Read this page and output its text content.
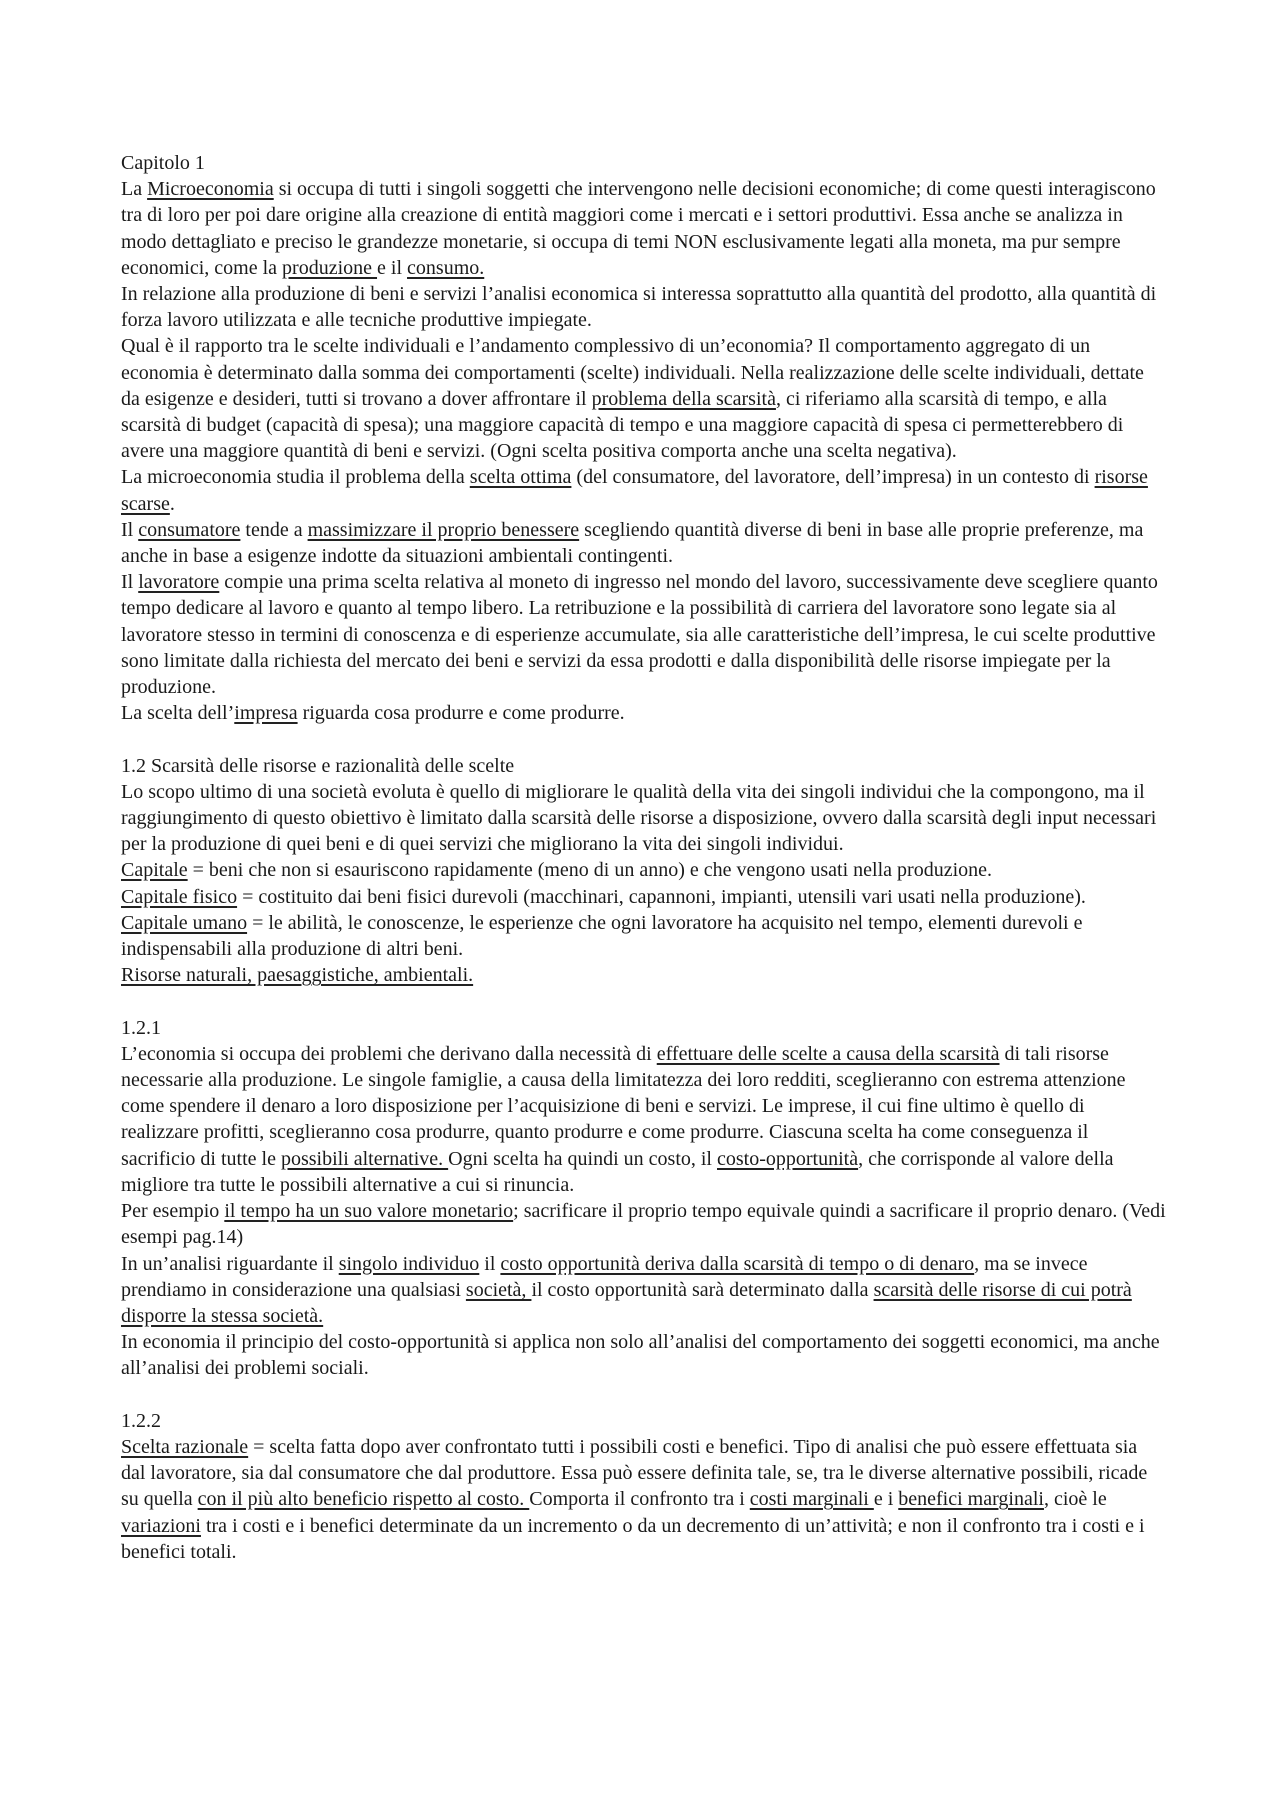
Capitolo 1

La Microeconomia si occupa di tutti i singoli soggetti che intervengono nelle decisioni economiche; di come questi interagiscono tra di loro per poi dare origine alla creazione di entità maggiori come i mercati e i settori produttivi. Essa anche se analizza in modo dettagliato e preciso le grandezze monetarie, si occupa di temi NON esclusivamente legati alla moneta, ma pur sempre economici, come la produzione e il consumo.

In relazione alla produzione di beni e servizi l’analisi economica si interessa soprattutto alla quantità del prodotto, alla quantità di forza lavoro utilizzata e alle tecniche produttive impiegate.

Qual è il rapporto tra le scelte individuali e l’andamento complessivo di un’economia? Il comportamento aggregato di un economia è determinato dalla somma dei comportamenti (scelte) individuali. Nella realizzazione delle scelte individuali, dettate da esigenze e desideri, tutti si trovano a dover affrontare il problema della scarsità, ci riferiamo alla scarsità di tempo, e alla scarsità di budget (capacità di spesa); una maggiore capacità di tempo e una maggiore capacità di spesa ci permetterebbero di avere una maggiore quantità di beni e servizi. (Ogni scelta positiva comporta anche una scelta negativa).

La microeconomia studia il problema della scelta ottima (del consumatore, del lavoratore, dell’impresa) in un contesto di risorse scarse.

Il consumatore tende a massimizzare il proprio benessere scegliendo quantità diverse di beni in base alle proprie preferenze, ma anche in base a esigenze indotte da situazioni ambientali contingenti.

Il lavoratore compie una prima scelta relativa al moneto di ingresso nel mondo del lavoro, successivamente deve scegliere quanto tempo dedicare al lavoro e quanto al tempo libero. La retribuzione e la possibilità di carriera del lavoratore sono legate sia al lavoratore stesso in termini di conoscenza e di esperienze accumulate, sia alle caratteristiche dell’impresa, le cui scelte produttive sono limitate dalla richiesta del mercato dei beni e servizi da essa prodotti e dalla disponibilità delle risorse impiegate per la produzione.

La scelta dell’impresa riguarda cosa produrre e come produrre.

1.2 Scarsità delle risorse e razionalità delle scelte

Lo scopo ultimo di una società evoluta è quello di migliorare le qualità della vita dei singoli individui che la compongono, ma il raggiungimento di questo obiettivo è limitato dalla scarsità delle risorse a disposizione, ovvero dalla scarsità degli input necessari per la produzione di quei beni e di quei servizi che migliorano la vita dei singoli individui.

Capitale = beni che non si esauriscono rapidamente (meno di un anno) e che vengono usati nella produzione.

Capitale fisico = costituito dai beni fisici durevoli (macchinari, capannoni, impianti, utensili vari usati nella produzione).

Capitale umano = le abilità, le conoscenze, le esperienze che ogni lavoratore ha acquisito nel tempo, elementi durevoli e indispensabili alla produzione di altri beni.

Risorse naturali, paesaggistiche, ambientali.

1.2.1

L’economia si occupa dei problemi che derivano dalla necessità di effettuare delle scelte a causa della scarsità di tali risorse necessarie alla produzione. Le singole famiglie, a causa della limitatezza dei loro redditi, sceglieranno con estrema attenzione come spendere il denaro a loro disposizione per l’acquisizione di beni e servizi. Le imprese, il cui fine ultimo è quello di realizzare profitti, sceglieranno cosa produrre, quanto produrre e come produrre. Ciascuna scelta ha come conseguenza il sacrificio di tutte le possibili alternative. Ogni scelta ha quindi un costo, il costo-opportunità, che corrisponde al valore della migliore tra tutte le possibili alternative a cui si rinuncia.

Per esempio il tempo ha un suo valore monetario; sacrificare il proprio tempo equivale quindi a sacrificare il proprio denaro. (Vedi esempi pag.14)

In un’analisi riguardante il singolo individuo il costo opportunità deriva dalla scarsità di tempo o di denaro, ma se invece prendiamo in considerazione una qualsiasi società, il costo opportunità sarà determinato dalla scarsità delle risorse di cui potrà disporre la stessa società.

In economia il principio del costo-opportunità si applica non solo all’analisi del comportamento dei soggetti economici, ma anche all’analisi dei problemi sociali.

1.2.2

Scelta razionale = scelta fatta dopo aver confrontato tutti i possibili costi e benefici. Tipo di analisi che può essere effettuata sia dal lavoratore, sia dal consumatore che dal produttore. Essa può essere definita tale, se, tra le diverse alternative possibili, ricade su quella con il più alto beneficio rispetto al costo. Comporta il confronto tra i costi marginali e i benefici marginali, cioè le variazioni tra i costi e i benefici determinate da un incremento o da un decremento di un’attività; e non il confronto tra i costi e i benefici totali.
